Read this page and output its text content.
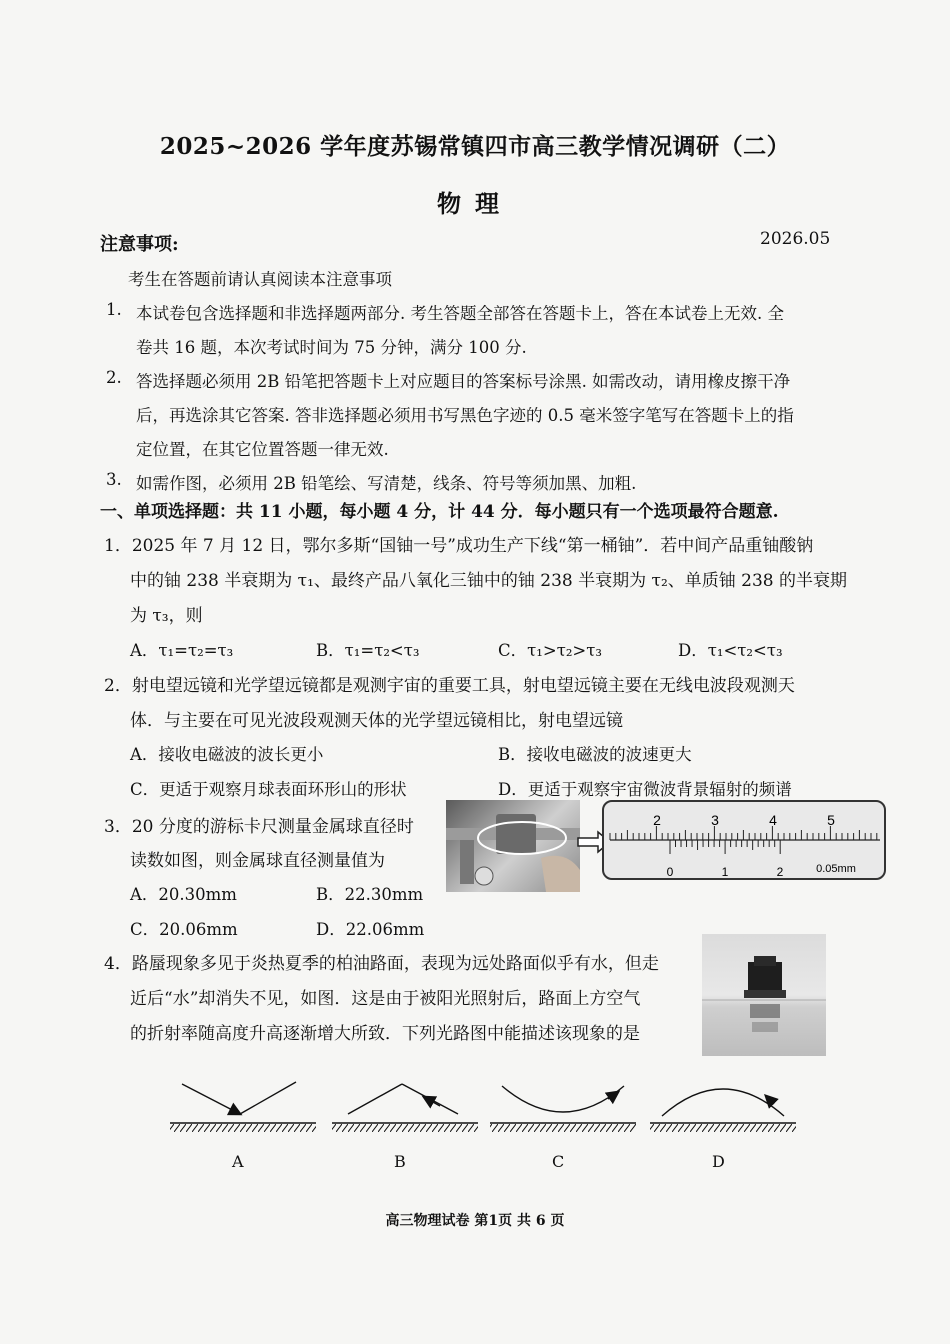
2025~2026 学年度苏锡常镇四市高三教学情况调研（二）
物理
注意事项:	2026.05
考生在答题前请认真阅读本注意事项
1. 本试卷包含选择题和非选择题两部分. 考生答题全部答在答题卡上，答在本试卷上无效. 全
卷共 16 题，本次考试时间为 75 分钟，满分 100 分.
2. 答选择题必须用 2B 铅笔把答题卡上对应题目的答案标号涂黑. 如需改动，请用橡皮擦干净
后，再选涂其它答案. 答非选择题必须用书写黑色字迹的 0.5 毫米签字笔写在答题卡上的指
定位置，在其它位置答题一律无效.
3. 如需作图，必须用 2B 铅笔绘、写清楚，线条、符号等须加黑、加粗.
一、单项选择题：共 11 小题，每小题 4 分，计 44 分．每小题只有一个选项最符合题意.
1．2025 年 7 月 12 日，鄂尔多斯“国铀一号”成功生产下线“第一桶铀”．若中间产品重铀酸钠
中的铀 238 半衰期为 τ₁、最终产品八氧化三铀中的铀 238 半衰期为 τ₂、单质铀 238 的半衰期
为 τ₃，则
A．τ₁=τ₂=τ₃	B．τ₁=τ₂<τ₃	C．τ₁>τ₂>τ₃	D．τ₁<τ₂<τ₃
2．射电望远镜和光学望远镜都是观测宇宙的重要工具，射电望远镜主要在无线电波段观测天
体．与主要在可见光波段观测天体的光学望远镜相比，射电望远镜
A．接收电磁波的波长更小	B．接收电磁波的波速更大
C．更适于观察月球表面环形山的形状	D．更适于观察宇宙微波背景辐射的频谱
3．20 分度的游标卡尺测量金属球直径时
读数如图，则金属球直径测量值为
A．20.30mm	B．22.30mm
C．20.06mm	D．22.06mm
2	3	4	5
0	1	2	0.05mm
4．路蜃现象多见于炎热夏季的柏油路面，表现为远处路面似乎有水，但走
近后“水”却消失不见，如图．这是由于被阳光照射后，路面上方空气
的折射率随高度升高逐渐增大所致．下列光路图中能描述该现象的是
A	B	C	D
高三物理试卷 第1页 共 6 页
